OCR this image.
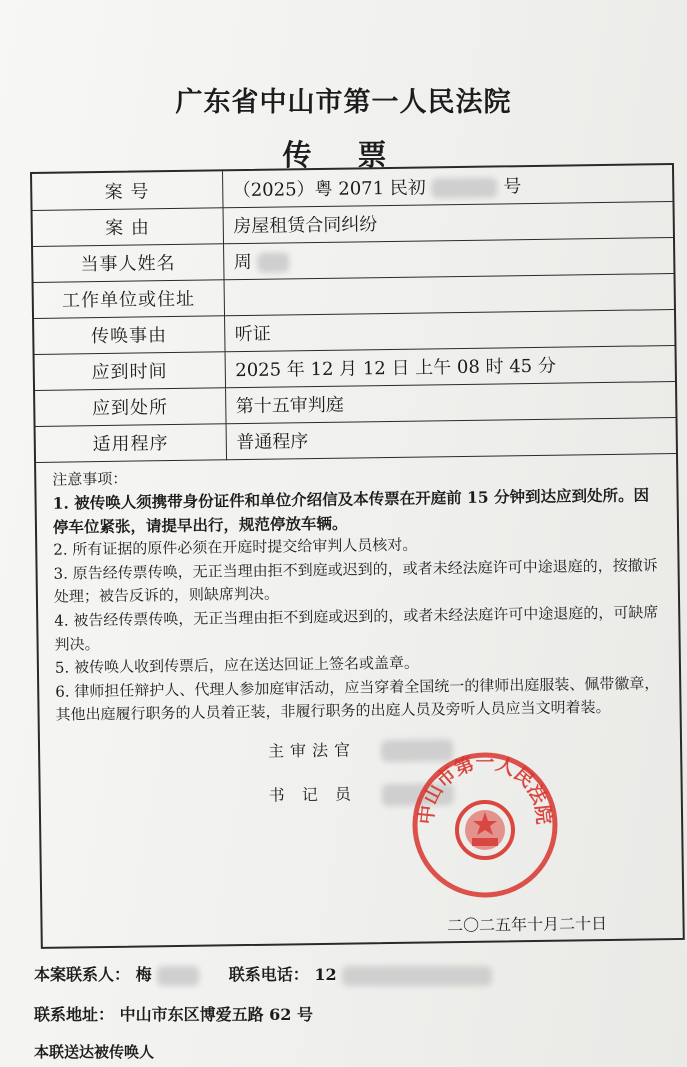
广东省中山市第一人民法院
传 票
案 号	（2025）粤 2071 民初 号
案 由	房屋租赁合同纠纷
当事人姓名	周
工作单位或住址	
传唤事由	听证
应到时间	2025 年 12 月 12 日 上午 08 时 45 分
应到处所	第十五审判庭
适用程序	普通程序

注意事项：

1. 被传唤人须携带身份证件和单位介绍信及本传票在开庭前 15 分钟到达应到处所。因停车位紧张，请提早出行，规范停放车辆。

2. 所有证据的原件必须在开庭时提交给审判人员核对。

3. 原告经传票传唤，无正当理由拒不到庭或迟到的，或者未经法庭许可中途退庭的，按撤诉处理；被告反诉的，则缺席判决。

4. 被告经传票传唤，无正当理由拒不到庭或迟到的，或者未经法庭许可中途退庭的，可缺席判决。

5. 被传唤人收到传票后，应在送达回证上签名或盖章。

6. 律师担任辩护人、代理人参加庭审活动，应当穿着全国统一的律师出庭服装、佩带徽章，其他出庭履行职务的人员着正装，非履行职务的出庭人员及旁听人员应当文明着装。

主审法官
书 记 员
中山市第一人民法院
二〇二五年十月二十日
本案联系人： 梅	联系电话： 12
联系地址： 中山市东区博爱五路 62 号
本联送达被传唤人
